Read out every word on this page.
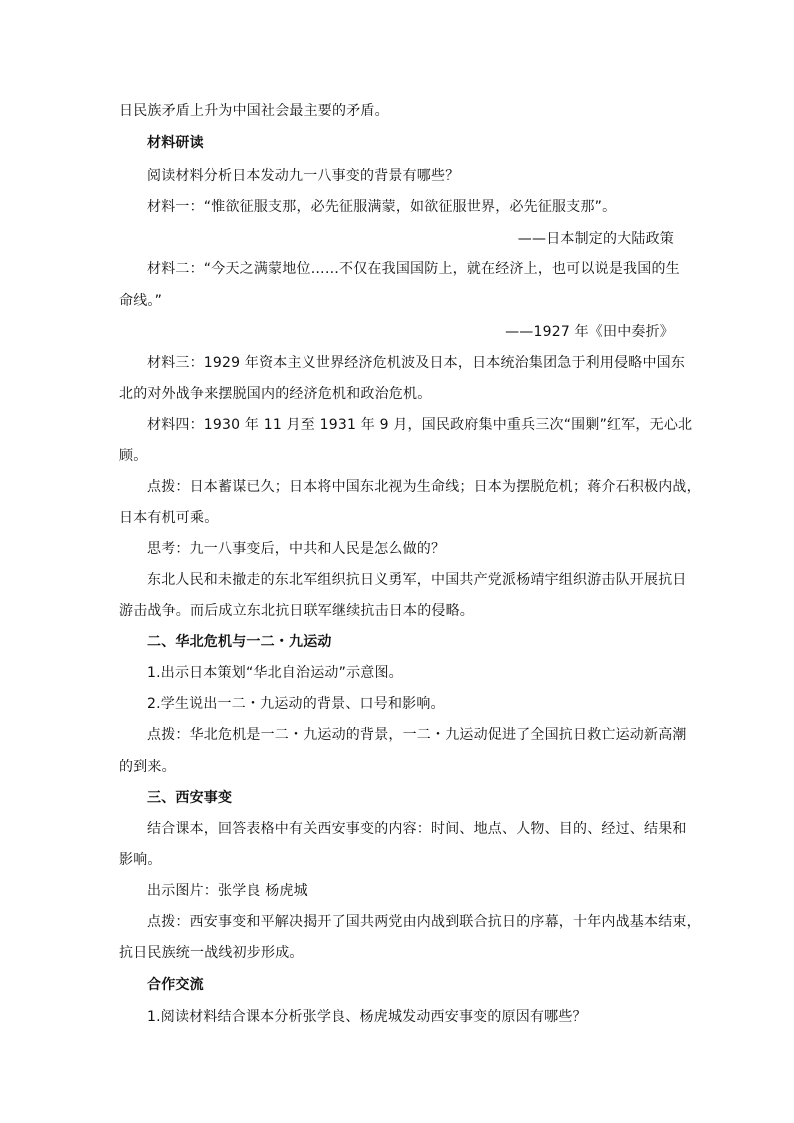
日民族矛盾上升为中国社会最主要的矛盾。
材料研读
阅读材料分析日本发动九一八事变的背景有哪些？
材料一：“惟欲征服支那，必先征服满蒙，如欲征服世界，必先征服支那”。
——日本制定的大陆政策
材料二：“今天之满蒙地位……不仅在我国国防上，就在经济上，也可以说是我国的生
命线。”
——1927 年《田中奏折》
材料三：1929 年资本主义世界经济危机波及日本，日本统治集团急于利用侵略中国东
北的对外战争来摆脱国内的经济危机和政治危机。
材料四：1930 年 11 月至 1931 年 9 月，国民政府集中重兵三次“围剿”红军，无心北
顾。
点拨：日本蓄谋已久；日本将中国东北视为生命线；日本为摆脱危机；蒋介石积极内战，
日本有机可乘。
思考：九一八事变后，中共和人民是怎么做的？
东北人民和未撤走的东北军组织抗日义勇军，中国共产党派杨靖宇组织游击队开展抗日
游击战争。而后成立东北抗日联军继续抗击日本的侵略。
二、华北危机与一二・九运动
1.出示日本策划“华北自治运动”示意图。
2.学生说出一二・九运动的背景、口号和影响。
点拨：华北危机是一二・九运动的背景，一二・九运动促进了全国抗日救亡运动新高潮
的到来。
三、西安事变
结合课本，回答表格中有关西安事变的内容：时间、地点、人物、目的、经过、结果和
影响。
出示图片：张学良 杨虎城
点拨：西安事变和平解决揭开了国共两党由内战到联合抗日的序幕，十年内战基本结束，
抗日民族统一战线初步形成。
合作交流
1.阅读材料结合课本分析张学良、杨虎城发动西安事变的原因有哪些？
